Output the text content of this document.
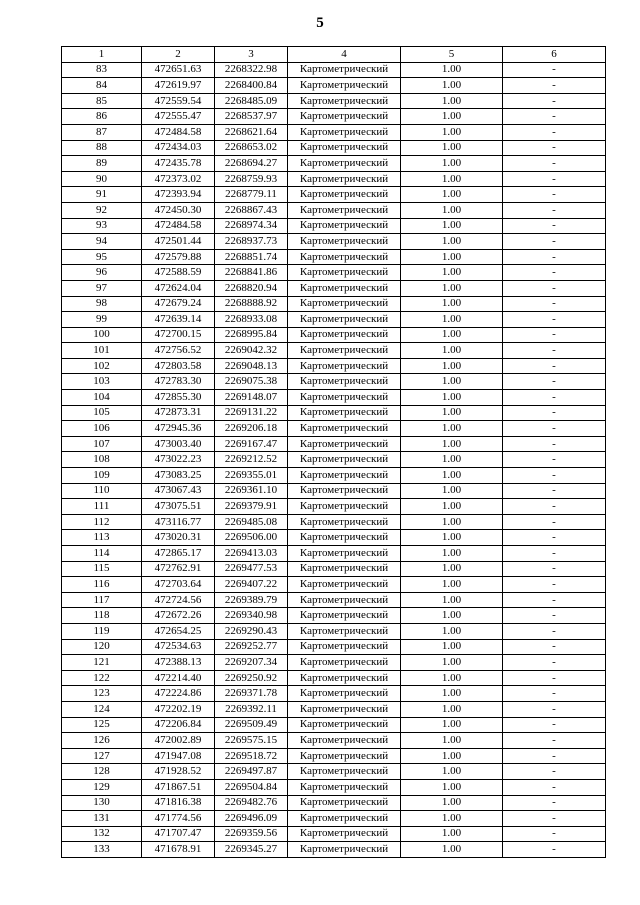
5
1	2	3	4	5	6
83	472651.63	2268322.98	Картометрический	1.00	-
84	472619.97	2268400.84	Картометрический	1.00	-
85	472559.54	2268485.09	Картометрический	1.00	-
86	472555.47	2268537.97	Картометрический	1.00	-
87	472484.58	2268621.64	Картометрический	1.00	-
88	472434.03	2268653.02	Картометрический	1.00	-
89	472435.78	2268694.27	Картометрический	1.00	-
90	472373.02	2268759.93	Картометрический	1.00	-
91	472393.94	2268779.11	Картометрический	1.00	-
92	472450.30	2268867.43	Картометрический	1.00	-
93	472484.58	2268974.34	Картометрический	1.00	-
94	472501.44	2268937.73	Картометрический	1.00	-
95	472579.88	2268851.74	Картометрический	1.00	-
96	472588.59	2268841.86	Картометрический	1.00	-
97	472624.04	2268820.94	Картометрический	1.00	-
98	472679.24	2268888.92	Картометрический	1.00	-
99	472639.14	2268933.08	Картометрический	1.00	-
100	472700.15	2268995.84	Картометрический	1.00	-
101	472756.52	2269042.32	Картометрический	1.00	-
102	472803.58	2269048.13	Картометрический	1.00	-
103	472783.30	2269075.38	Картометрический	1.00	-
104	472855.30	2269148.07	Картометрический	1.00	-
105	472873.31	2269131.22	Картометрический	1.00	-
106	472945.36	2269206.18	Картометрический	1.00	-
107	473003.40	2269167.47	Картометрический	1.00	-
108	473022.23	2269212.52	Картометрический	1.00	-
109	473083.25	2269355.01	Картометрический	1.00	-
110	473067.43	2269361.10	Картометрический	1.00	-
111	473075.51	2269379.91	Картометрический	1.00	-
112	473116.77	2269485.08	Картометрический	1.00	-
113	473020.31	2269506.00	Картометрический	1.00	-
114	472865.17	2269413.03	Картометрический	1.00	-
115	472762.91	2269477.53	Картометрический	1.00	-
116	472703.64	2269407.22	Картометрический	1.00	-
117	472724.56	2269389.79	Картометрический	1.00	-
118	472672.26	2269340.98	Картометрический	1.00	-
119	472654.25	2269290.43	Картометрический	1.00	-
120	472534.63	2269252.77	Картометрический	1.00	-
121	472388.13	2269207.34	Картометрический	1.00	-
122	472214.40	2269250.92	Картометрический	1.00	-
123	472224.86	2269371.78	Картометрический	1.00	-
124	472202.19	2269392.11	Картометрический	1.00	-
125	472206.84	2269509.49	Картометрический	1.00	-
126	472002.89	2269575.15	Картометрический	1.00	-
127	471947.08	2269518.72	Картометрический	1.00	-
128	471928.52	2269497.87	Картометрический	1.00	-
129	471867.51	2269504.84	Картометрический	1.00	-
130	471816.38	2269482.76	Картометрический	1.00	-
131	471774.56	2269496.09	Картометрический	1.00	-
132	471707.47	2269359.56	Картометрический	1.00	-
133	471678.91	2269345.27	Картометрический	1.00	-
